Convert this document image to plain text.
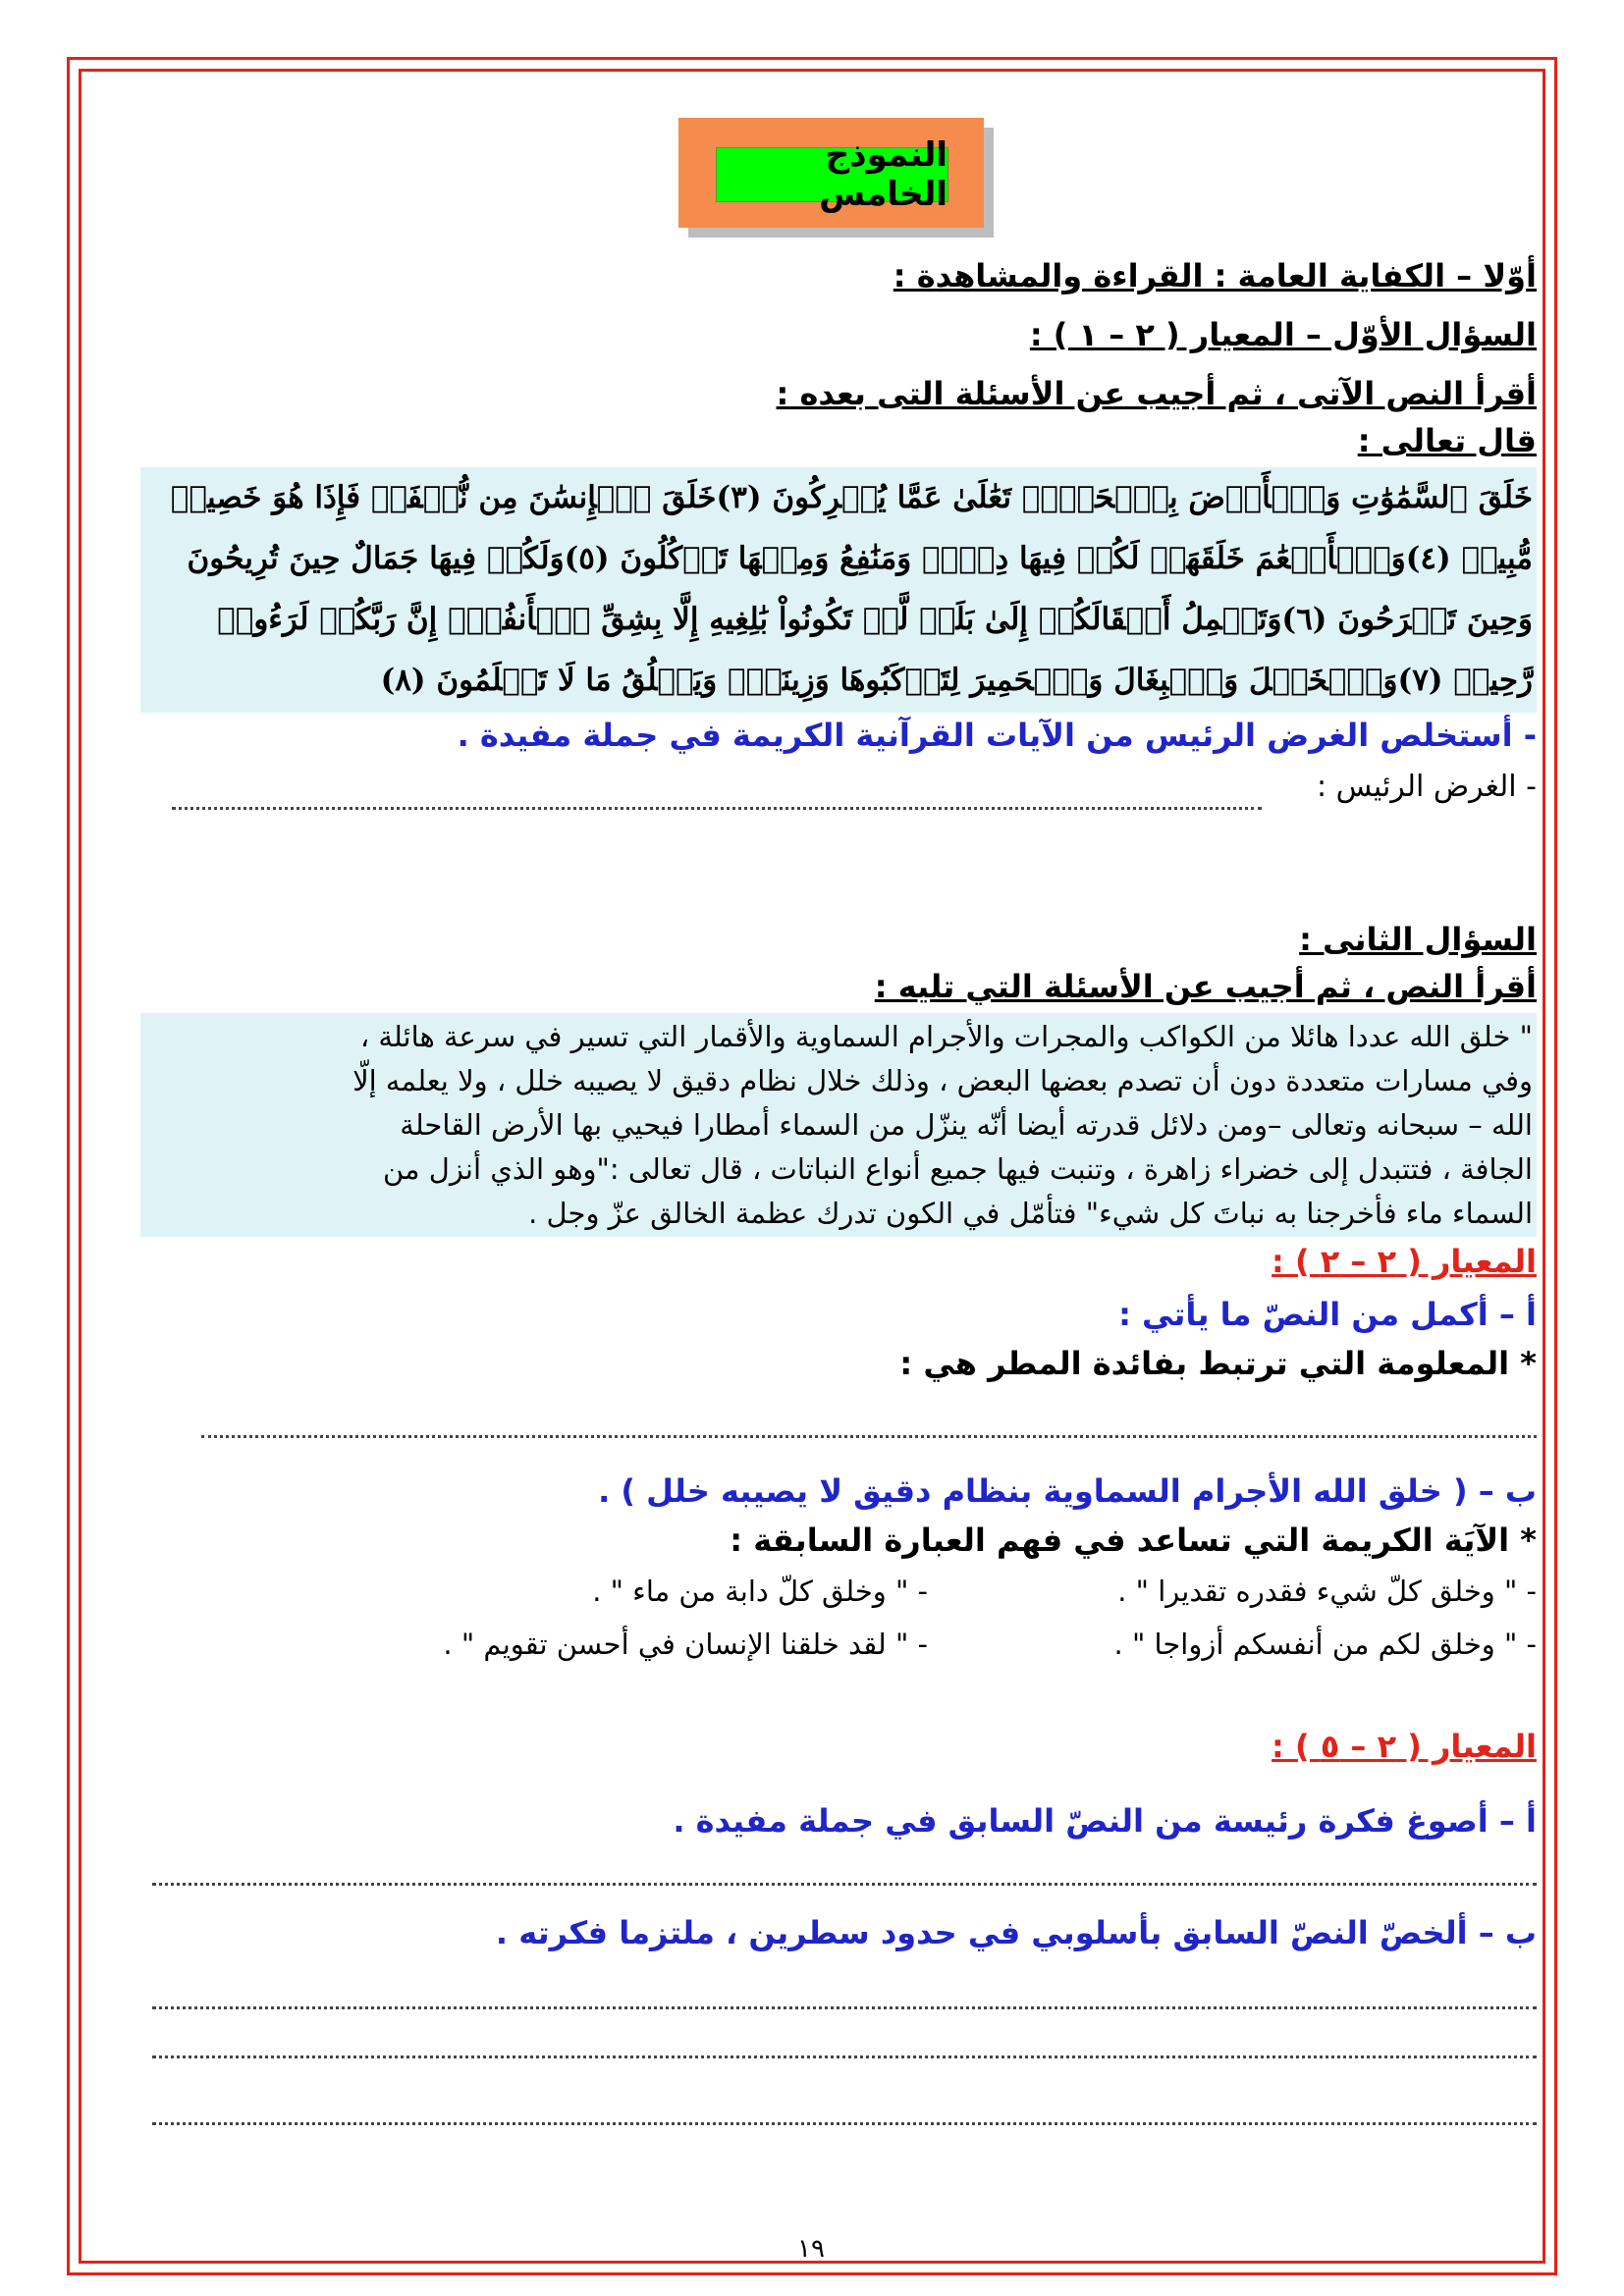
النموذج الخامس
أوّلا – الكفاية العامة : القراءة والمشاهدة :
السؤال الأوّل – المعيار ( ٢ – ١ ) :
أقرأ النص الآتى ، ثم أجيب عن الأسئلة التى بعده :
قال تعالى :
خَلَقَ ٱلسَّمَٰوَٰتِ وَٱلۡأَرۡضَ بِٱلۡحَقِّۚ تَعَٰلَىٰ عَمَّا يُشۡرِكُونَ (٣)خَلَقَ ٱلۡإِنسَٰنَ مِن نُّطۡفَةٖ فَإِذَا هُوَ خَصِيمٞ
مُّبِينٞ (٤)وَٱلۡأَنۡعَٰمَ خَلَقَهَاۖ لَكُمۡ فِيهَا دِفۡءٞ وَمَنَٰفِعُ وَمِنۡهَا تَأۡكُلُونَ (٥)وَلَكُمۡ فِيهَا جَمَالٌ حِينَ تُرِيحُونَ
وَحِينَ تَسۡرَحُونَ (٦)وَتَحۡمِلُ أَثۡقَالَكُمۡ إِلَىٰ بَلَدٖ لَّمۡ تَكُونُواْ بَٰلِغِيهِ إِلَّا بِشِقِّ ٱلۡأَنفُسِۚ إِنَّ رَبَّكُمۡ لَرَءُوفٞ
رَّحِيمٞ (٧)وَٱلۡخَيۡلَ وَٱلۡبِغَالَ وَٱلۡحَمِيرَ لِتَرۡكَبُوهَا وَزِينَةٗۚ وَيَخۡلُقُ مَا لَا تَعۡلَمُونَ (٨)
- أستخلص الغرض الرئيس من الآيات القرآنية الكريمة في جملة مفيدة .
- الغرض الرئيس :
السؤال الثانى :
أقرأ النص ، ثم أجيب عن الأسئلة التي تليه :
" خلق الله عددا هائلا من الكواكب والمجرات والأجرام السماوية والأقمار التي تسير في سرعة هائلة ،
وفي مسارات متعددة دون أن تصدم بعضها البعض ، وذلك خلال نظام دقيق لا يصيبه خلل ، ولا يعلمه إلّا
الله – سبحانه وتعالى –ومن دلائل قدرته أيضا أنّه ينزّل من السماء أمطارا فيحيي بها الأرض القاحلة
الجافة ، فتتبدل إلى خضراء زاهرة ، وتنبت فيها جميع أنواع النباتات ، قال تعالى :"وهو الذي أنزل من
السماء ماء فأخرجنا به نباتَ كل شيء" فتأمّل في الكون تدرك عظمة الخالق عزّ وجل .
المعيار ( ٢ – ٢ ) :
أ – أكمل من النصّ ما يأتي :
* المعلومة التي ترتبط بفائدة المطر هي :
ب – ( خلق الله الأجرام السماوية بنظام دقيق لا يصيبه خلل ) .
* الآيَة الكريمة التي تساعد في فهم العبارة السابقة :
- " وخلق كلّ شيء فقدره تقديرا " .
- " وخلق كلّ دابة من ماء " .
- " وخلق لكم من أنفسكم أزواجا " .
- " لقد خلقنا الإنسان في أحسن تقويم " .
المعيار ( ٢ – ٥ ) :
أ – أصوغ فكرة رئيسة من النصّ السابق في جملة مفيدة .
ب – ألخصّ النصّ السابق بأسلوبي في حدود سطرين ، ملتزما فكرته .
١٩
